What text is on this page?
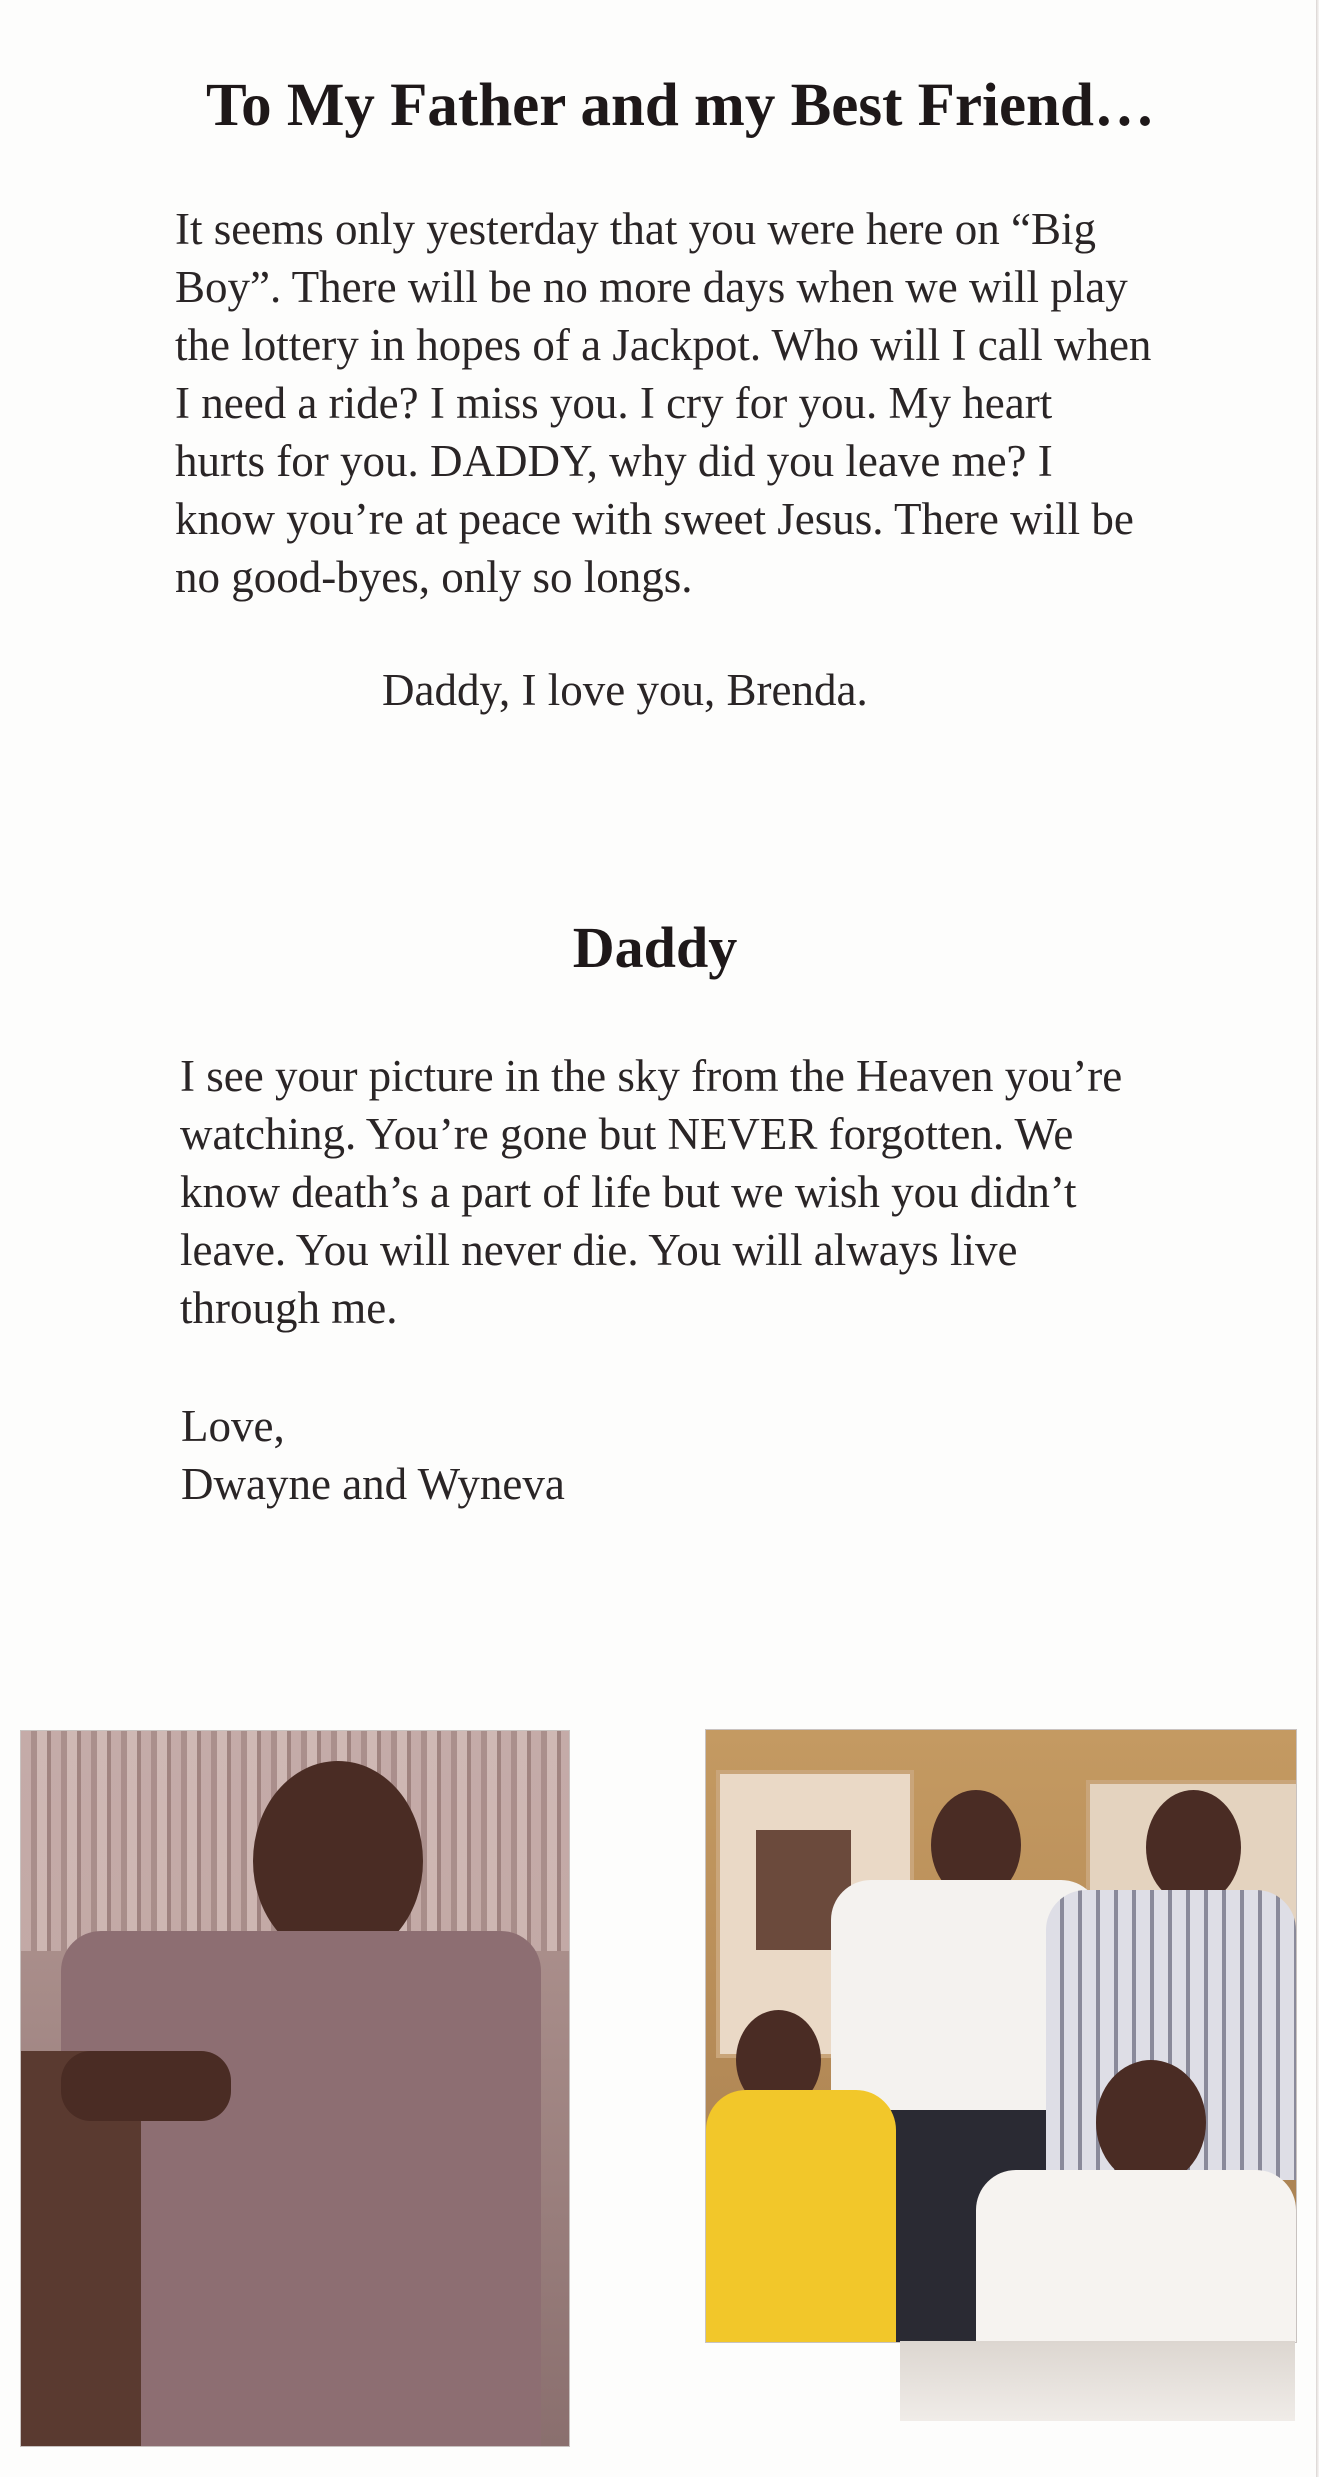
To My Father and my Best Friend…

It seems only yesterday that you were here on “Big
Boy”. There will be no more days when we will play
the lottery in hopes of a Jackpot. Who will I call when
I need a ride? I miss you. I cry for you. My heart
hurts for you. DADDY, why did you leave me? I
know you’re at peace with sweet Jesus. There will be
no good-byes, only so longs.

Daddy, I love you, Brenda.
Daddy

I see your picture in the sky from the Heaven you’re
watching. You’re gone but NEVER forgotten. We
know death’s a part of life but we wish you didn’t
leave. You will never die. You will always live
through me.

Love,
Dwayne and Wyneva
